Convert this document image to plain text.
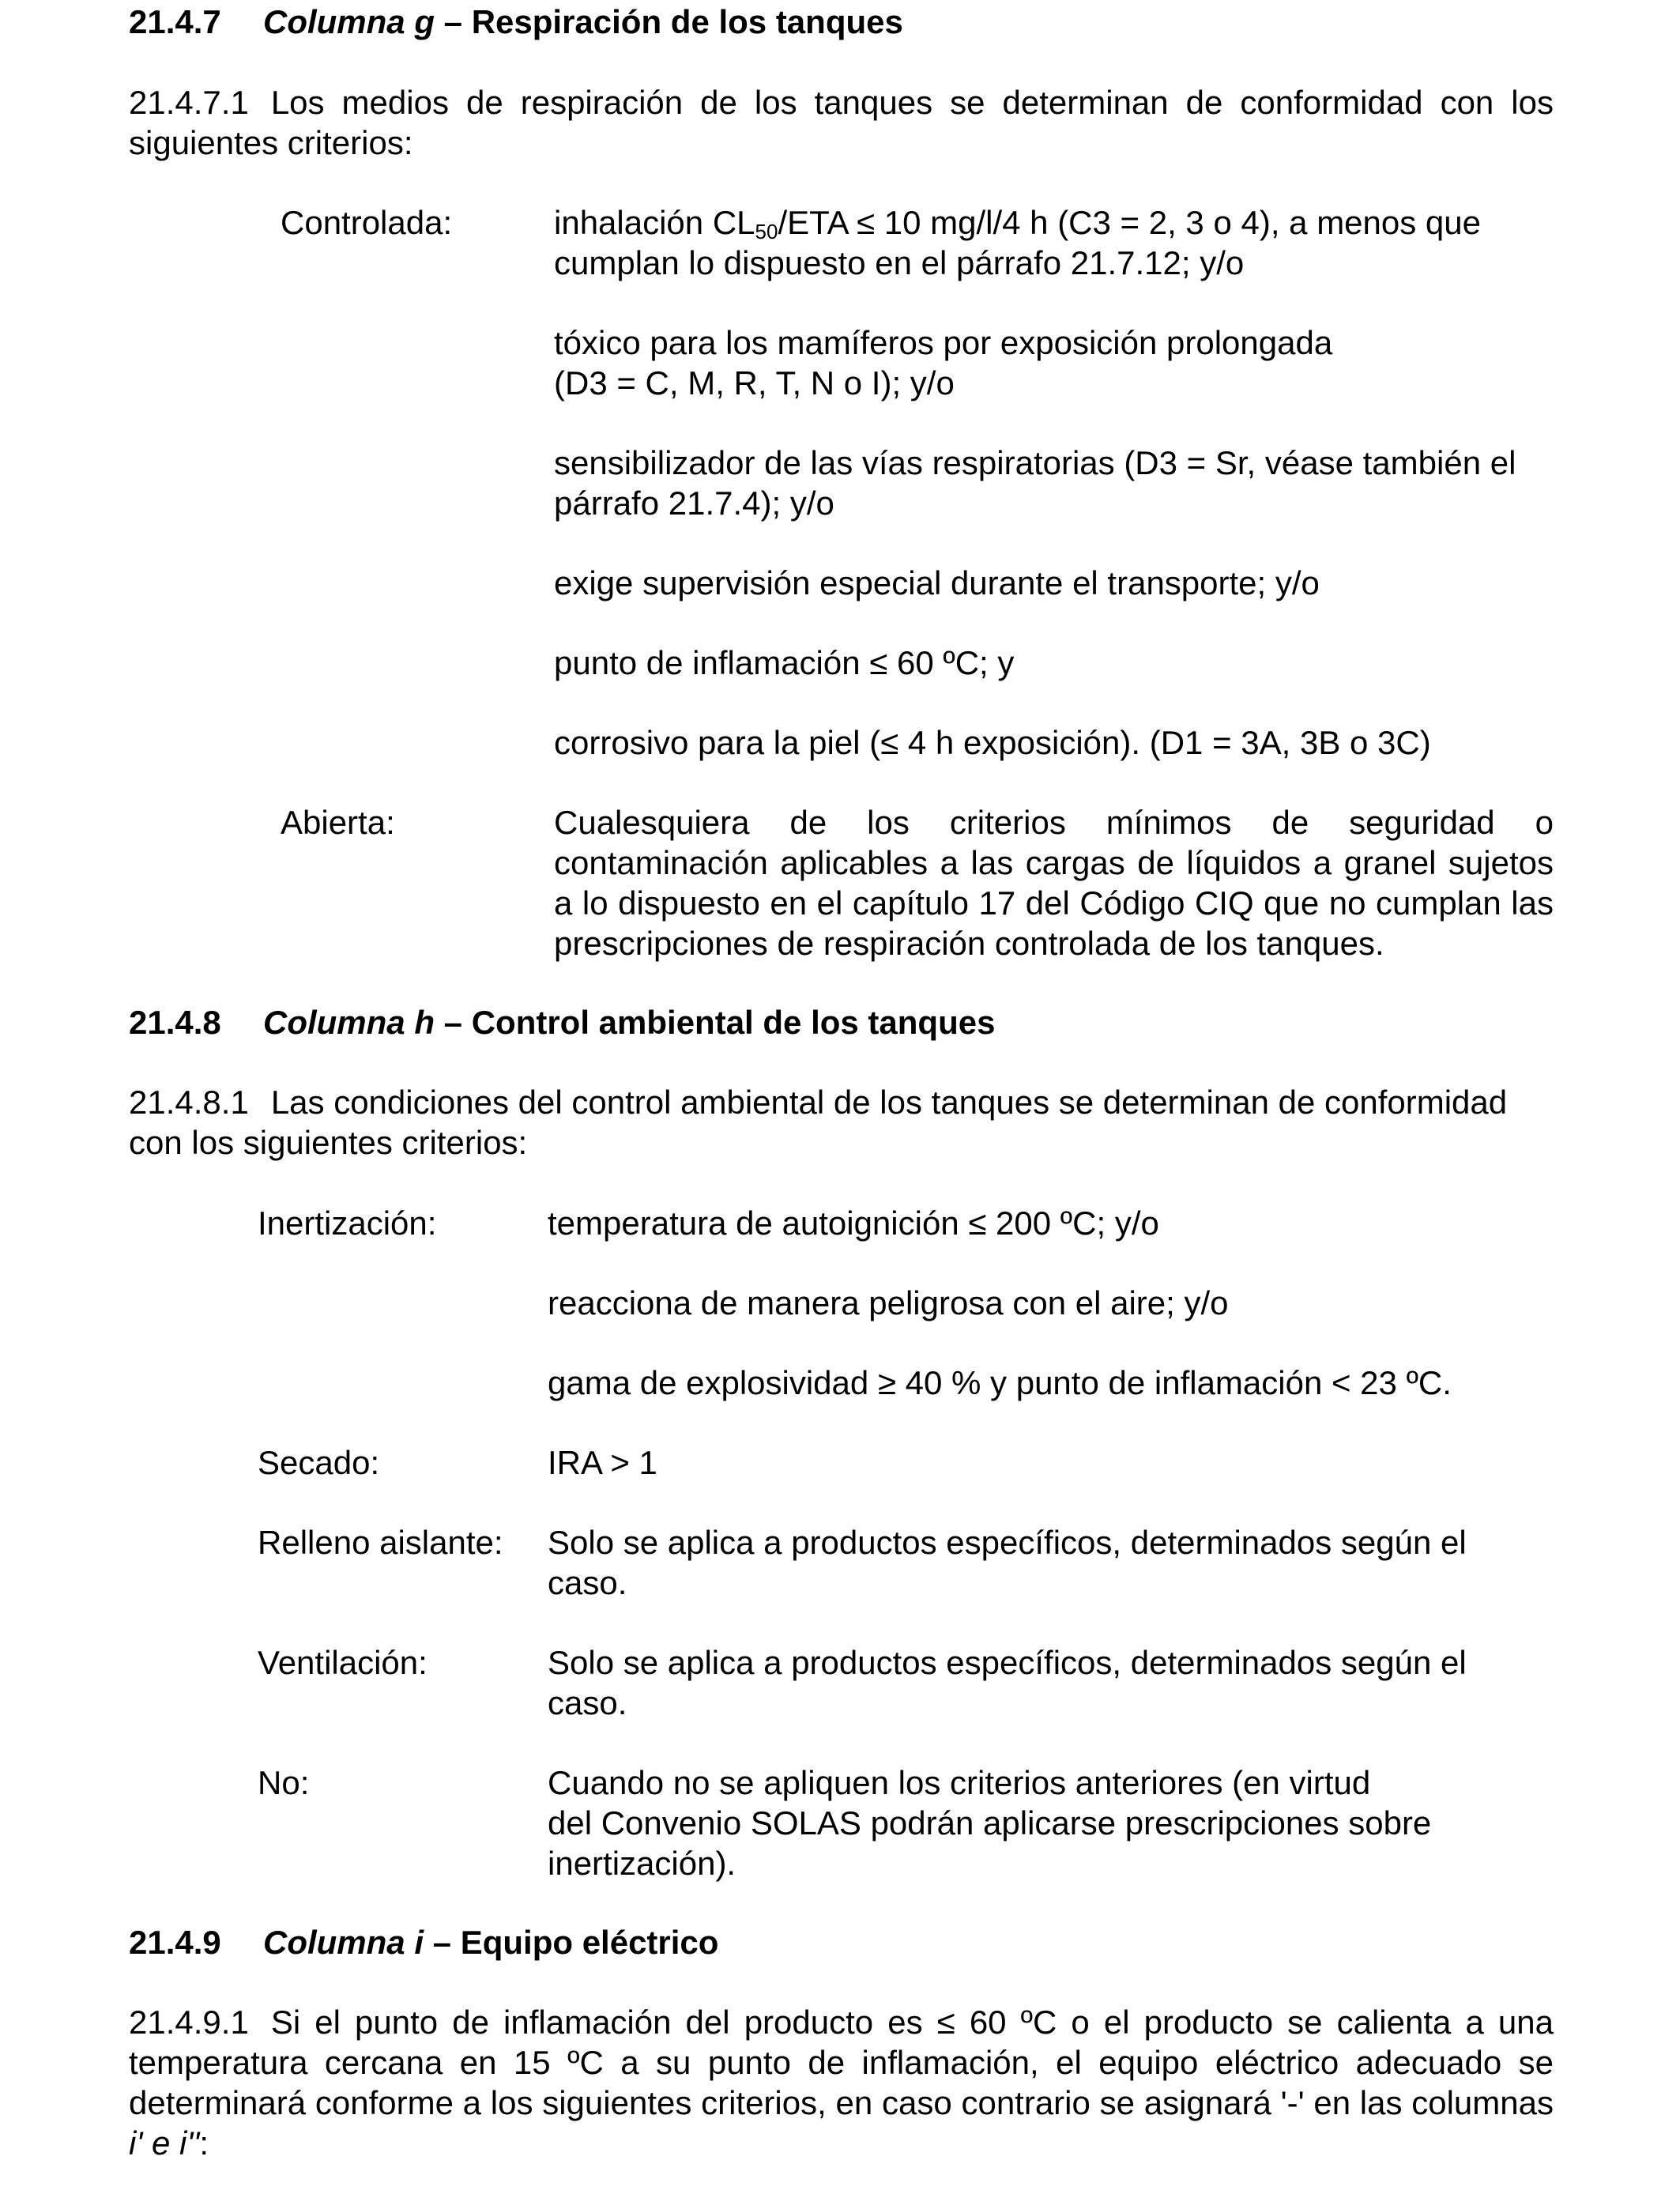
21.4.7 Columna g – Respiración de los tanques
21.4.7.1 Los medios de respiración de los tanques se determinan de conformidad con los siguientes criterios:
Controlada:	inhalación $CL_{50}$/ETA ≤ 10 mg/l/4 h (C3 = 2, 3 o 4), a menos que cumplan lo dispuesto en el párrafo 21.7.12; y/o
tóxico para los mamíferos por exposición prolongada
(D3 = C, M, R, T, N o I); y/o
sensibilizador de las vías respiratorias (D3 = Sr, véase también el párrafo 21.7.4); y/o
exige supervisión especial durante el transporte; y/o
punto de inflamación ≤ 60 ºC; y
corrosivo para la piel (≤ 4 h exposición). (D1 = 3A, 3B o 3C)
Abierta:	Cualesquiera de los criterios mínimos de seguridad o contaminación aplicables a las cargas de líquidos a granel sujetos a lo dispuesto en el capítulo 17 del Código CIQ que no cumplan las prescripciones de respiración controlada de los tanques.
21.4.8 Columna h – Control ambiental de los tanques
21.4.8.1 Las condiciones del control ambiental de los tanques se determinan de conformidad con los siguientes criterios:
Inertización:	temperatura de autoignición ≤ 200 ºC; y/o
reacciona de manera peligrosa con el aire; y/o
gama de explosividad ≥ 40 % y punto de inflamación < 23 ºC.
Secado:	IRA > 1
Relleno aislante: Solo se aplica a productos específicos, determinados según el caso.
Ventilación:	Solo se aplica a productos específicos, determinados según el caso.
No:	Cuando no se apliquen los criterios anteriores (en virtud
del Convenio SOLAS podrán aplicarse prescripciones sobre inertización).
21.4.9 Columna i – Equipo eléctrico
21.4.9.1 Si el punto de inflamación del producto es ≤ 60 ºC o el producto se calienta a una temperatura cercana en 15 ºC a su punto de inflamación, el equipo eléctrico adecuado se determinará conforme a los siguientes criterios, en caso contrario se asignará '-' en las columnas i' e i'':
